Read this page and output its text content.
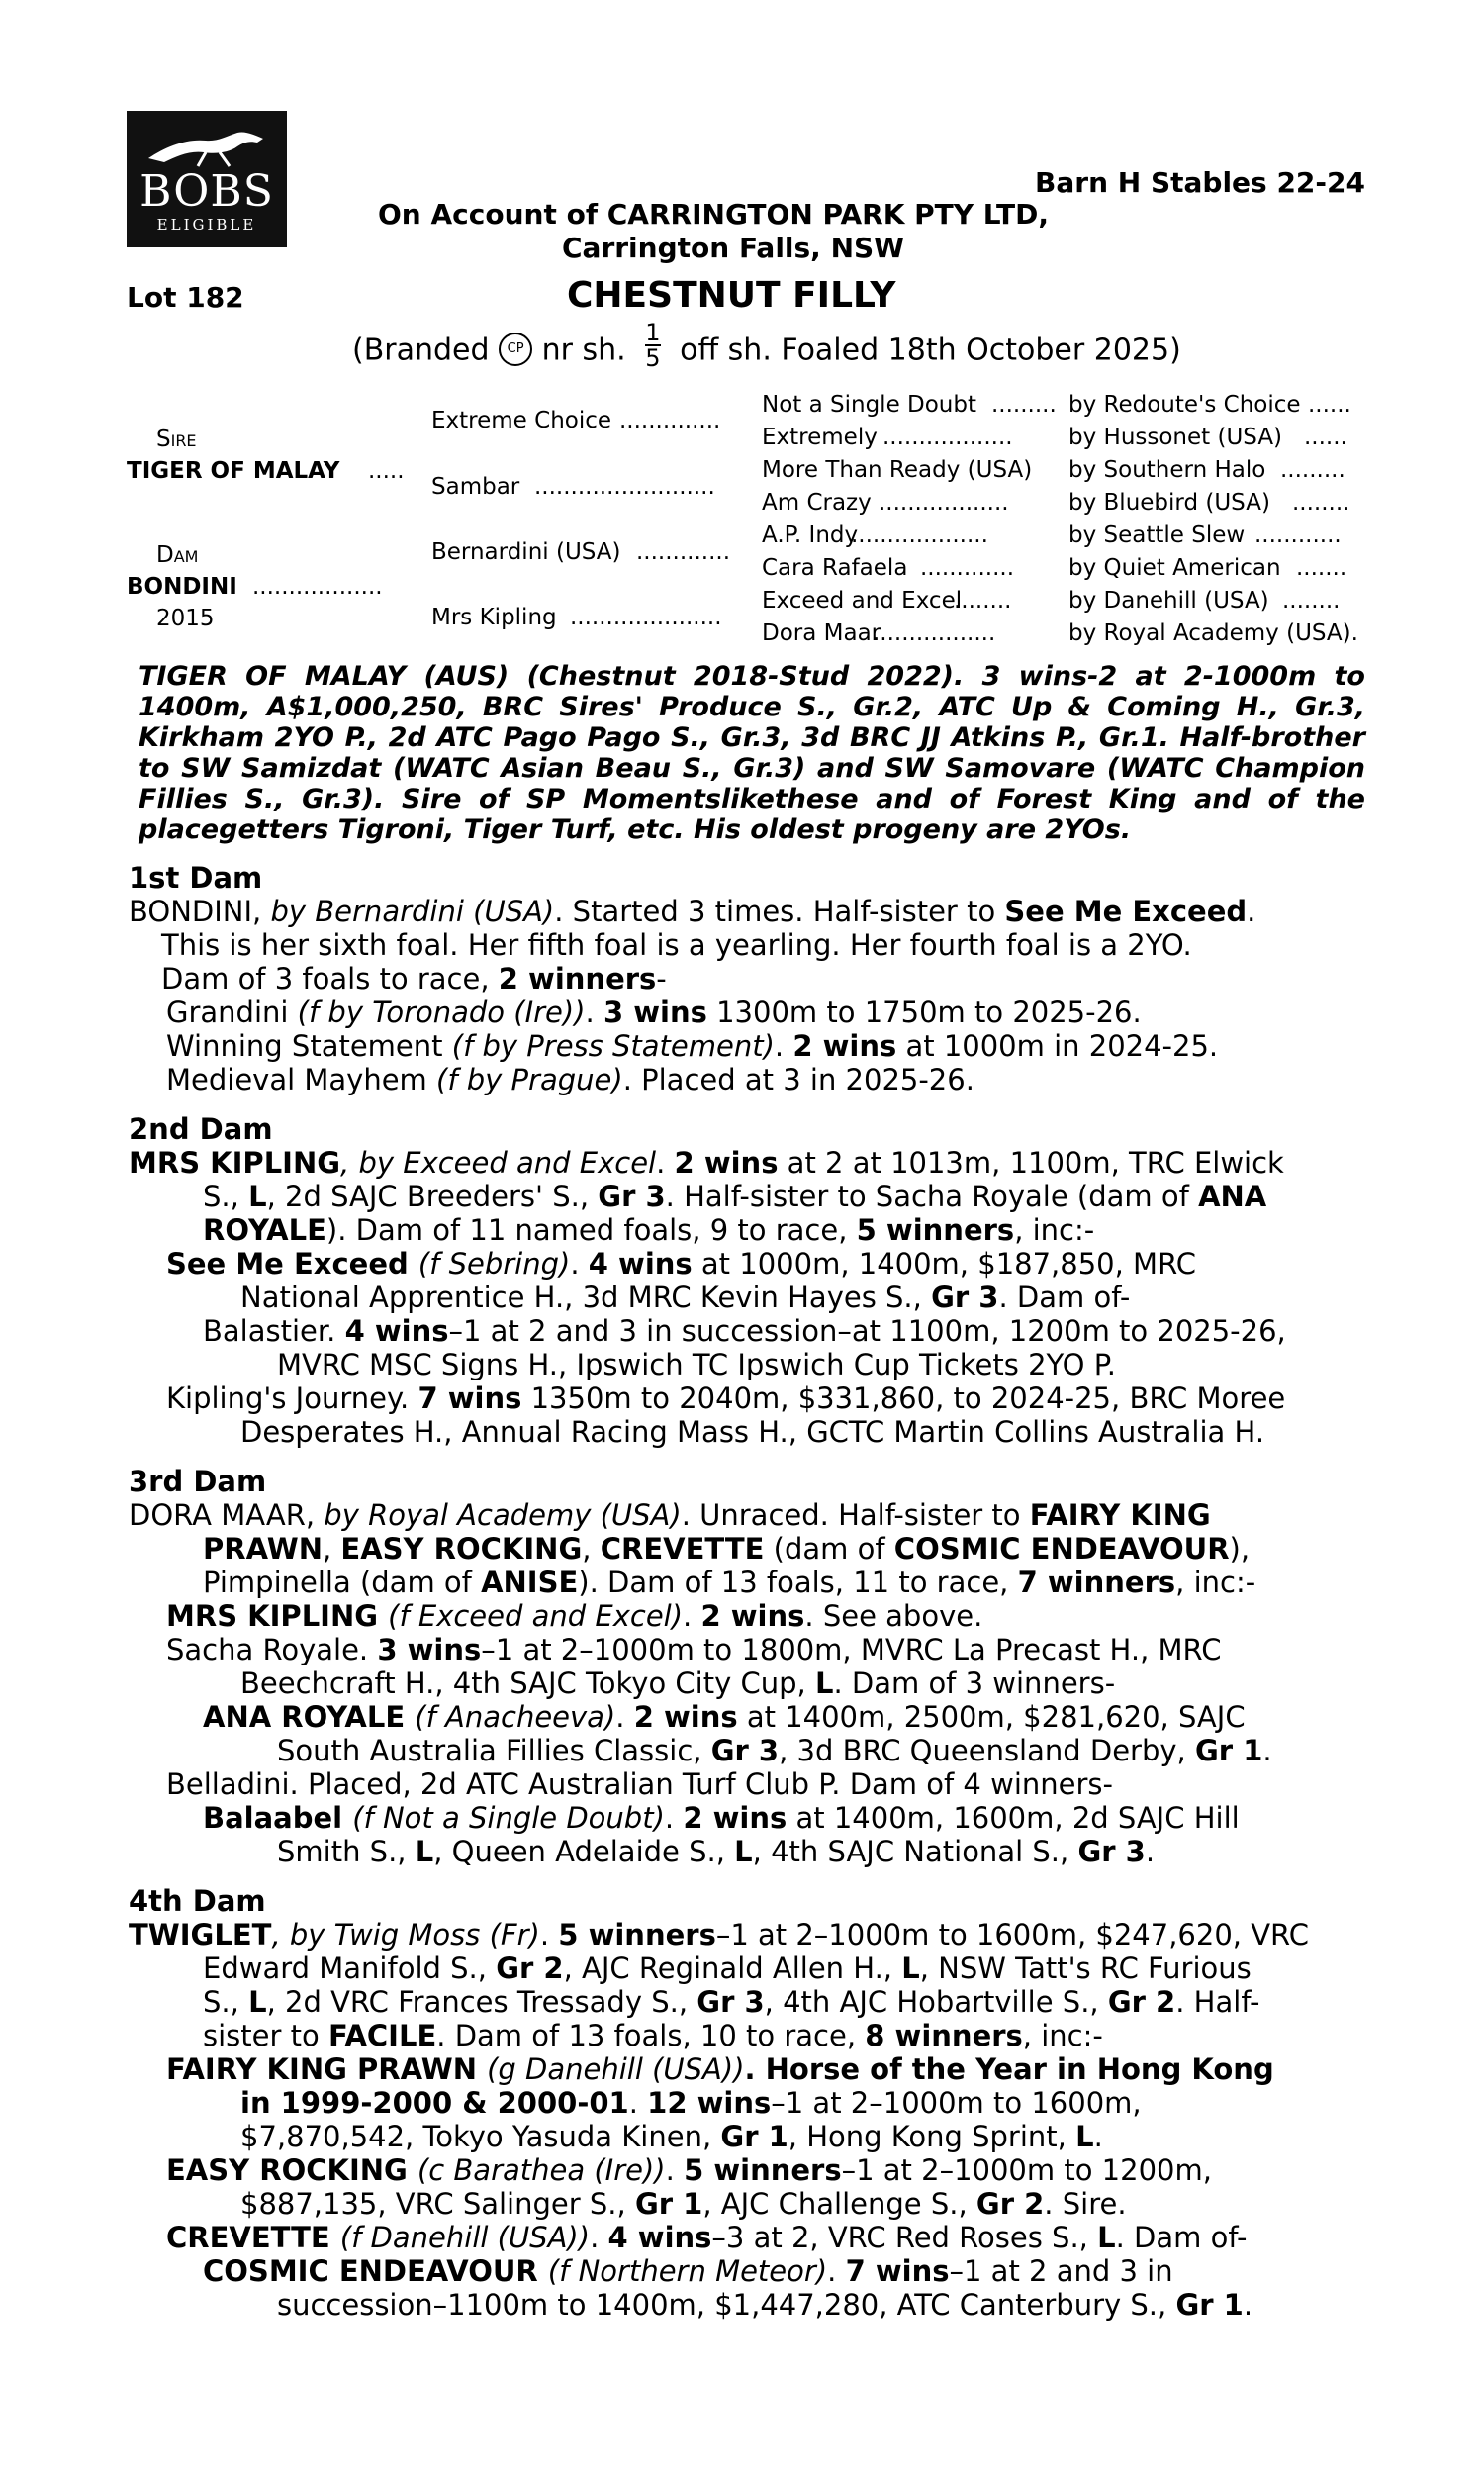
BOBS
ELIGIBLE
Barn H Stables 22-24
On Account of CARRINGTON PARK PTY LTD,
Carrington Falls, NSW
Lot 182	CHESTNUT FILLY
(Branded CP nr sh. $\frac{1}{5}$ off sh. Foaled 18th October 2025)
Sire
TIGER OF MALAY .....
Dam
BONDINI ..................
2015
Extreme Choice ..............
Sambar .........................
Bernardini (USA) .............
Mrs Kipling .....................
Not a Single Doubt .........
Extremely ..................
More Than Ready (USA)
Am Crazy ..................
A.P. Indy
...................
Cara Rafaela .............
Exceed and Excel
........
Dora Maar
.................
by Redoute's Choice ......
by Hussonet (USA) ......
by Southern Halo .........
by Bluebird (USA) ........
by Seattle Slew ............
by Quiet American .......
by Danehill (USA) ........
by Royal Academy (USA).
TIGER OF MALAY (AUS) (Chestnut 2018-Stud 2022). 3 wins-2 at 2-1000m to 1400m, A$1,000,250, BRC Sires' Produce S., Gr.2, ATC Up & Coming H., Gr.3, Kirkham 2YO P., 2d ATC Pago Pago S., Gr.3, 3d BRC JJ Atkins P., Gr.1. Half-brother to SW Samizdat (WATC Asian Beau S., Gr.3) and SW Samovare (WATC Champion Fillies S., Gr.3). Sire of SP Momentslikethese and of Forest King and of the placegetters Tigroni, Tiger Turf, etc. His oldest progeny are 2YOs.
1st Dam
BONDINI, by Bernardini (USA). Started 3 times. Half-sister to See Me Exceed.
This is her sixth foal. Her fifth foal is a yearling. Her fourth foal is a 2YO.
Dam of 3 foals to race, 2 winners-
Grandini (f by Toronado (Ire)). 3 wins 1300m to 1750m to 2025-26.
Winning Statement (f by Press Statement). 2 wins at 1000m in 2024-25.
Medieval Mayhem (f by Prague). Placed at 3 in 2025-26.
2nd Dam
MRS KIPLING, by Exceed and Excel. 2 wins at 2 at 1013m, 1100m, TRC Elwick
S., L, 2d SAJC Breeders' S., Gr 3. Half-sister to Sacha Royale (dam of ANA
ROYALE). Dam of 11 named foals, 9 to race, 5 winners, inc:-
See Me Exceed (f Sebring). 4 wins at 1000m, 1400m, $187,850, MRC
National Apprentice H., 3d MRC Kevin Hayes S., Gr 3. Dam of-
Balastier. 4 wins–1 at 2 and 3 in succession–at 1100m, 1200m to 2025-26,
MVRC MSC Signs H., Ipswich TC Ipswich Cup Tickets 2YO P.
Kipling's Journey. 7 wins 1350m to 2040m, $331,860, to 2024-25, BRC Moree
Desperates H., Annual Racing Mass H., GCTC Martin Collins Australia H.
3rd Dam
DORA MAAR, by Royal Academy (USA). Unraced. Half-sister to FAIRY KING
PRAWN, EASY ROCKING, CREVETTE (dam of COSMIC ENDEAVOUR),
Pimpinella (dam of ANISE). Dam of 13 foals, 11 to race, 7 winners, inc:-
MRS KIPLING (f Exceed and Excel). 2 wins. See above.
Sacha Royale. 3 wins–1 at 2–1000m to 1800m, MVRC La Precast H., MRC
Beechcraft H., 4th SAJC Tokyo City Cup, L. Dam of 3 winners-
ANA ROYALE (f Anacheeva). 2 wins at 1400m, 2500m, $281,620, SAJC
South Australia Fillies Classic, Gr 3, 3d BRC Queensland Derby, Gr 1.
Belladini. Placed, 2d ATC Australian Turf Club P. Dam of 4 winners-
Balaabel (f Not a Single Doubt). 2 wins at 1400m, 1600m, 2d SAJC Hill
Smith S., L, Queen Adelaide S., L, 4th SAJC National S., Gr 3.
4th Dam
TWIGLET, by Twig Moss (Fr). 5 winners–1 at 2–1000m to 1600m, $247,620, VRC
Edward Manifold S., Gr 2, AJC Reginald Allen H., L, NSW Tatt's RC Furious
S., L, 2d VRC Frances Tressady S., Gr 3, 4th AJC Hobartville S., Gr 2. Half-
sister to FACILE. Dam of 13 foals, 10 to race, 8 winners, inc:-
FAIRY KING PRAWN (g Danehill (USA)). Horse of the Year in Hong Kong
in 1999-2000 & 2000-01. 12 wins–1 at 2–1000m to 1600m,
$7,870,542, Tokyo Yasuda Kinen, Gr 1, Hong Kong Sprint, L.
EASY ROCKING (c Barathea (Ire)). 5 winners–1 at 2–1000m to 1200m,
$887,135, VRC Salinger S., Gr 1, AJC Challenge S., Gr 2. Sire.
CREVETTE (f Danehill (USA)). 4 wins–3 at 2, VRC Red Roses S., L. Dam of-
COSMIC ENDEAVOUR (f Northern Meteor). 7 wins–1 at 2 and 3 in
succession–1100m to 1400m, $1,447,280, ATC Canterbury S., Gr 1.
